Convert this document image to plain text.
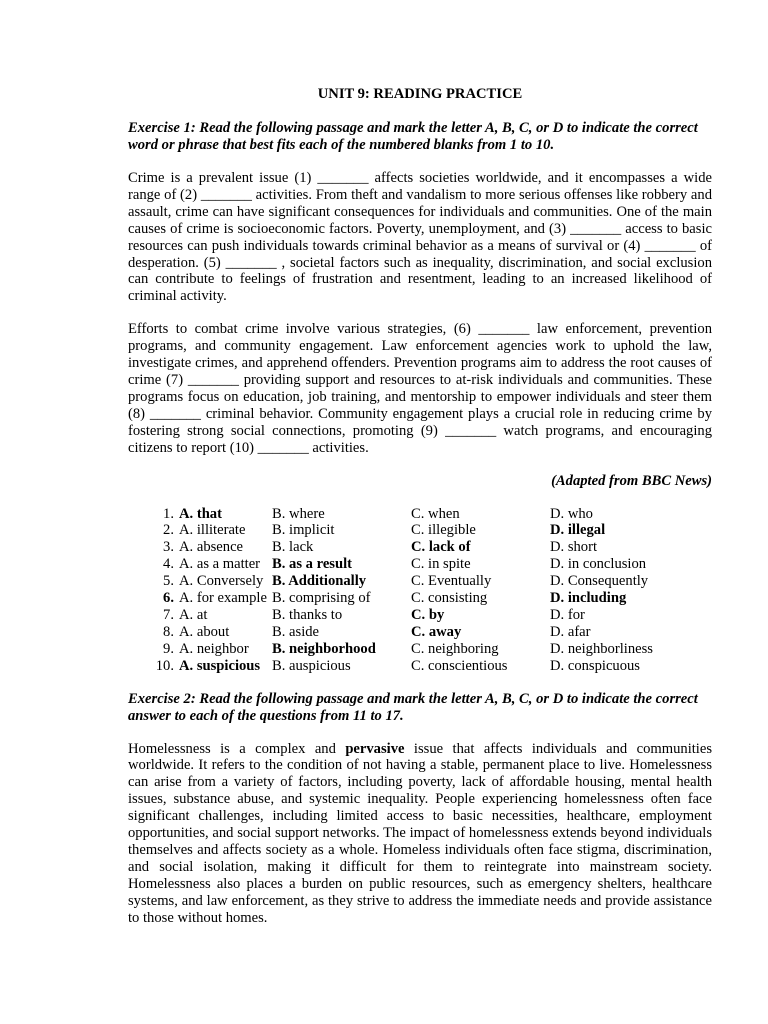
UNIT 9: READING PRACTICE
Exercise 1: Read the following passage and mark the letter A, B, C, or D to indicate the correct word or phrase that best fits each of the numbered blanks from 1 to 10.
Crime is a prevalent issue (1) _______ affects societies worldwide, and it encompasses a wide range of (2) _______ activities. From theft and vandalism to more serious offenses like robbery and assault, crime can have significant consequences for individuals and communities. One of the main causes of crime is socioeconomic factors. Poverty, unemployment, and (3) _______ access to basic resources can push individuals towards criminal behavior as a means of survival or (4) _______ of desperation. (5) _______ , societal factors such as inequality, discrimination, and social exclusion can contribute to feelings of frustration and resentment, leading to an increased likelihood of criminal activity.
Efforts to combat crime involve various strategies, (6) _______ law enforcement, prevention programs, and community engagement. Law enforcement agencies work to uphold the law, investigate crimes, and apprehend offenders. Prevention programs aim to address the root causes of crime (7) _______ providing support and resources to at-risk individuals and communities. These programs focus on education, job training, and mentorship to empower individuals and steer them (8) _______ criminal behavior. Community engagement plays a crucial role in reducing crime by fostering strong social connections, promoting (9) _______ watch programs, and encouraging citizens to report (10) _______ activities.
(Adapted from BBC News)
1.	A. that	B. where	C. when	D. who
2.	A. illiterate	B. implicit	C. illegible	D. illegal
3.	A. absence	B. lack	C. lack of	D. short
4.	A. as a matter	B. as a result	C. in spite	D. in conclusion
5.	A. Conversely	B. Additionally	C. Eventually	D. Consequently
6.	A. for example	B. comprising of	C. consisting	D. including
7.	A. at	B. thanks to	C. by	D. for
8.	A. about	B. aside	C. away	D. afar
9.	A. neighbor	B. neighborhood	C. neighboring	D. neighborliness
10.	A. suspicious	B. auspicious	C. conscientious	D. conspicuous
Exercise 2: Read the following passage and mark the letter A, B, C, or D to indicate the correct answer to each of the questions from 11 to 17.
Homelessness is a complex and pervasive issue that affects individuals and communities worldwide. It refers to the condition of not having a stable, permanent place to live. Homelessness can arise from a variety of factors, including poverty, lack of affordable housing, mental health issues, substance abuse, and systemic inequality. People experiencing homelessness often face significant challenges, including limited access to basic necessities, healthcare, employment opportunities, and social support networks. The impact of homelessness extends beyond individuals themselves and affects society as a whole. Homeless individuals often face stigma, discrimination, and social isolation, making it difficult for them to reintegrate into mainstream society. Homelessness also places a burden on public resources, such as emergency shelters, healthcare systems, and law enforcement, as they strive to address the immediate needs and provide assistance to those without homes.
